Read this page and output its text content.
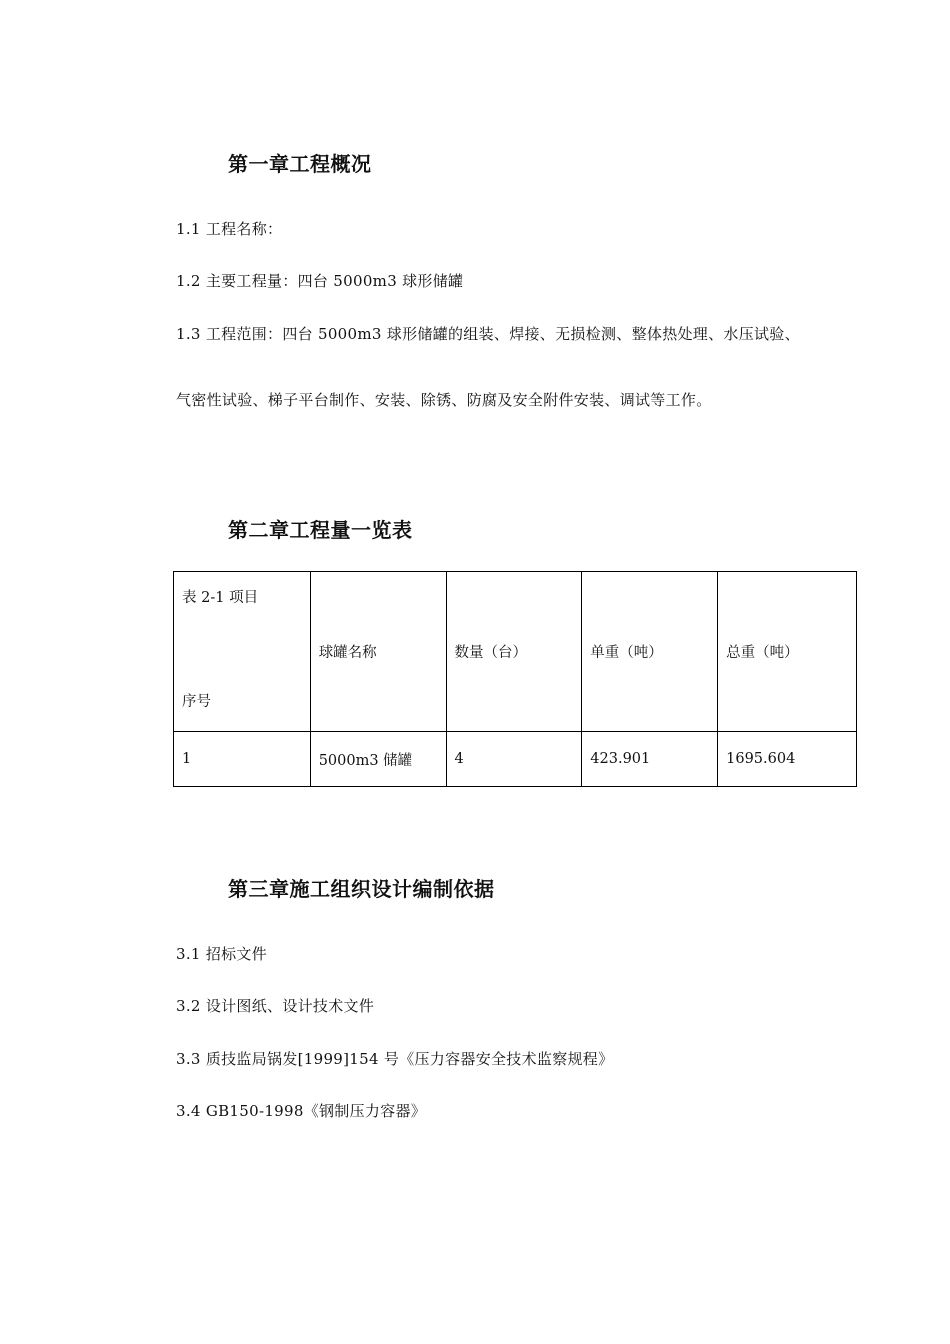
第一章工程概况
1.1 工程名称：
1.2 主要工程量：四台 5000m3 球形储罐
1.3 工程范围：四台 5000m3 球形储罐的组装、焊接、无损检测、整体热处理、水压试验、
气密性试验、梯子平台制作、安装、除锈、防腐及安全附件安装、调试等工作。
第二章工程量一览表
表 2-1 项目
序号	球罐名称	数量（台）	单重（吨）	总重（吨）
1	5000m3 储罐	4	423.901	1695.604
第三章施工组织设计编制依据
3.1 招标文件
3.2 设计图纸、设计技术文件
3.3 质技监局锅发[1999]154 号《压力容器安全技术监察规程》
3.4 GB150-1998《钢制压力容器》
